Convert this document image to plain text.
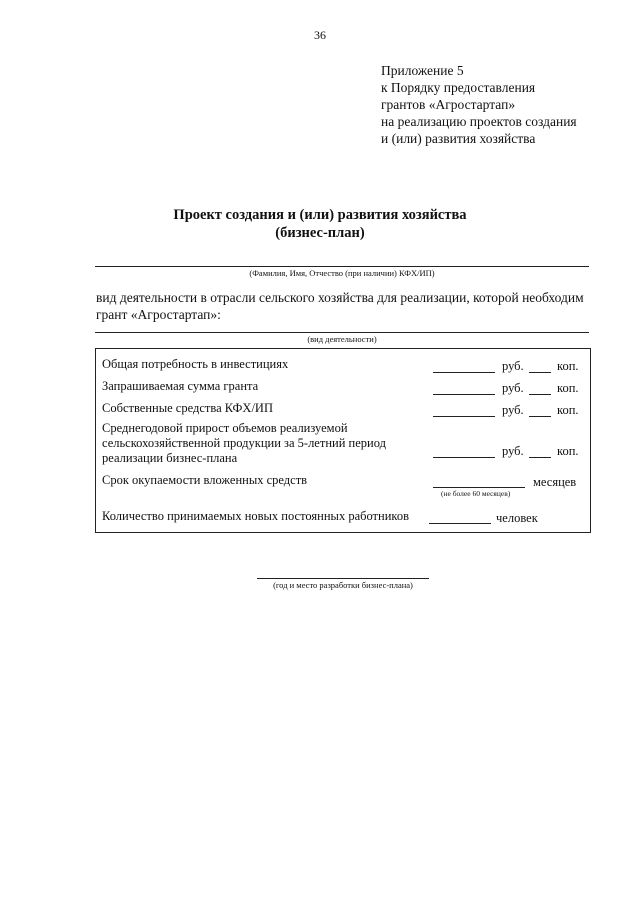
36
Приложение 5
к Порядку предоставления
грантов «Агростартап»
на реализацию проектов создания
и (или) развития хозяйства
Проект создания и (или) развития хозяйства
(бизнес-план)
(Фамилия, Имя, Отчество (при наличии) КФХ/ИП)
вид деятельности в отрасли сельского хозяйства для реализации, которой необходим
грант «Агростартап»:
(вид деятельности)
Общая потребность в инвестициях	руб.	коп.
Запрашиваемая сумма гранта	руб.	коп.
Собственные средства КФХ/ИП	руб.	коп.
Среднегодовой прирост объемов реализуемой
сельскохозяйственной продукции за 5-летний период
реализации бизнес-плана	руб.	коп.
Срок окупаемости вложенных средств	месяцев
(не более 60 месяцев)
Количество принимаемых новых постоянных работников	человек
(год и место разработки бизнес-плана)
